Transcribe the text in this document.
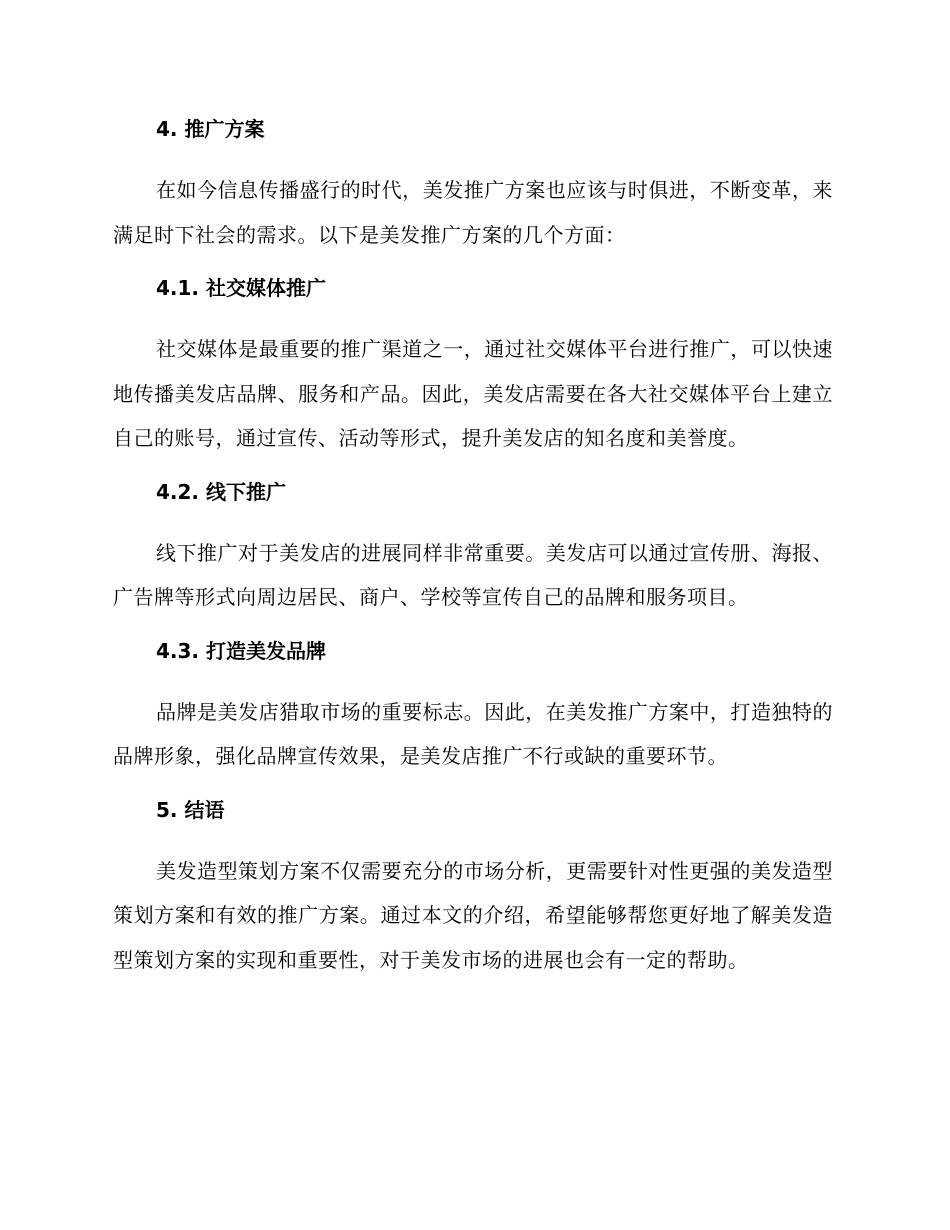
4. 推广方案

在如今信息传播盛行的时代，美发推广方案也应该与时俱进，不断变革，来满足时下社会的需求。以下是美发推广方案的几个方面：

4.1. 社交媒体推广

社交媒体是最重要的推广渠道之一，通过社交媒体平台进行推广，可以快速地传播美发店品牌、服务和产品。因此，美发店需要在各大社交媒体平台上建立自己的账号，通过宣传、活动等形式，提升美发店的知名度和美誉度。

4.2. 线下推广

线下推广对于美发店的进展同样非常重要。美发店可以通过宣传册、海报、广告牌等形式向周边居民、商户、学校等宣传自己的品牌和服务项目。

4.3. 打造美发品牌

品牌是美发店猎取市场的重要标志。因此，在美发推广方案中，打造独特的品牌形象，强化品牌宣传效果，是美发店推广不行或缺的重要环节。

5. 结语

美发造型策划方案不仅需要充分的市场分析，更需要针对性更强的美发造型策划方案和有效的推广方案。通过本文的介绍，希望能够帮您更好地了解美发造型策划方案的实现和重要性，对于美发市场的进展也会有一定的帮助。
